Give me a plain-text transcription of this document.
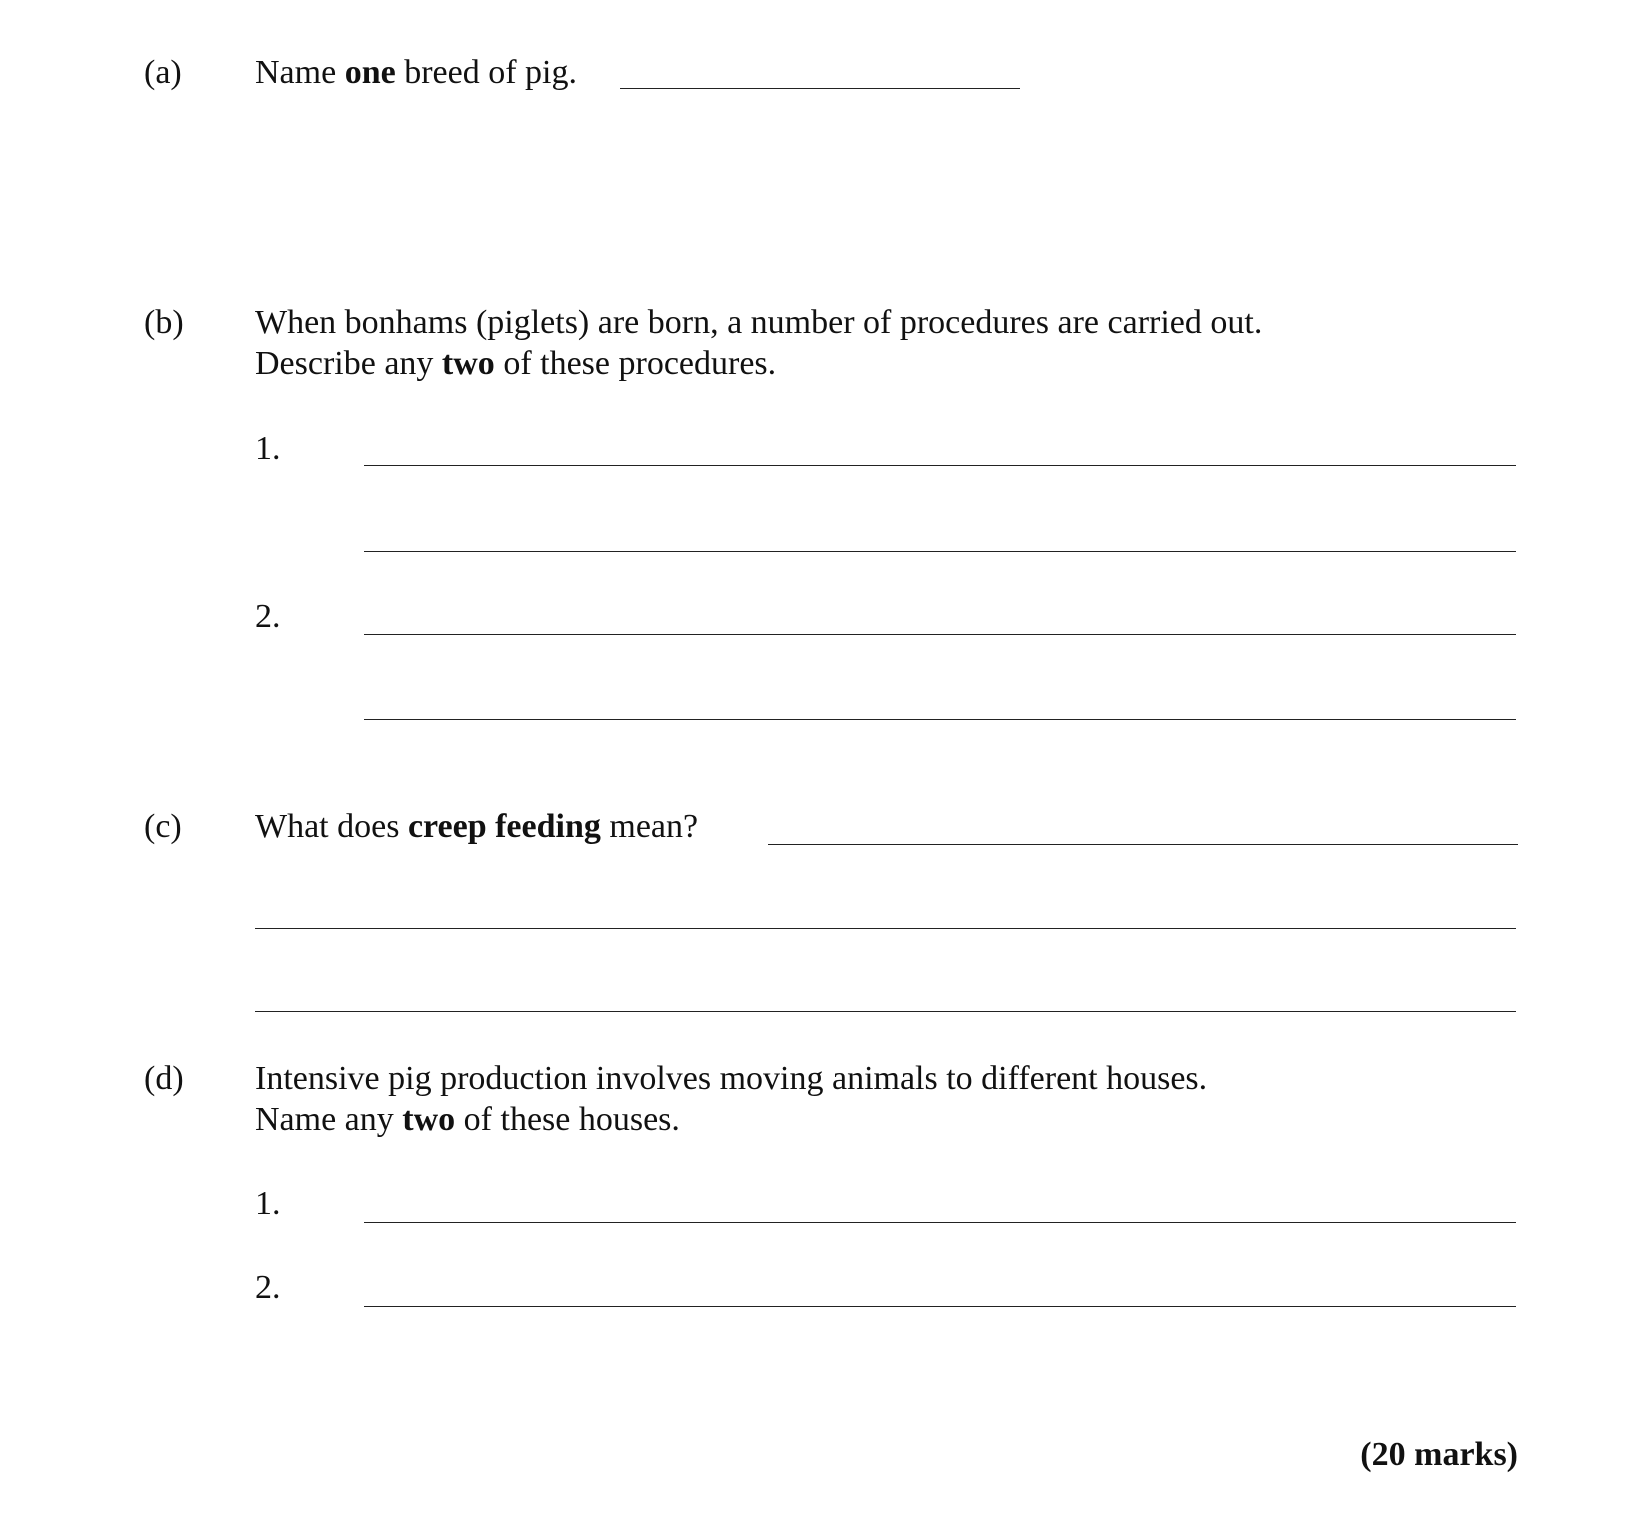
(a) Name one breed of pig.
(b) When bonhams (piglets) are born, a number of procedures are carried out.
Describe any two of these procedures.
1.
2.
(c) What does creep feeding mean?
(d) Intensive pig production involves moving animals to different houses.
Name any two of these houses.
1.
2.
(20 marks)
